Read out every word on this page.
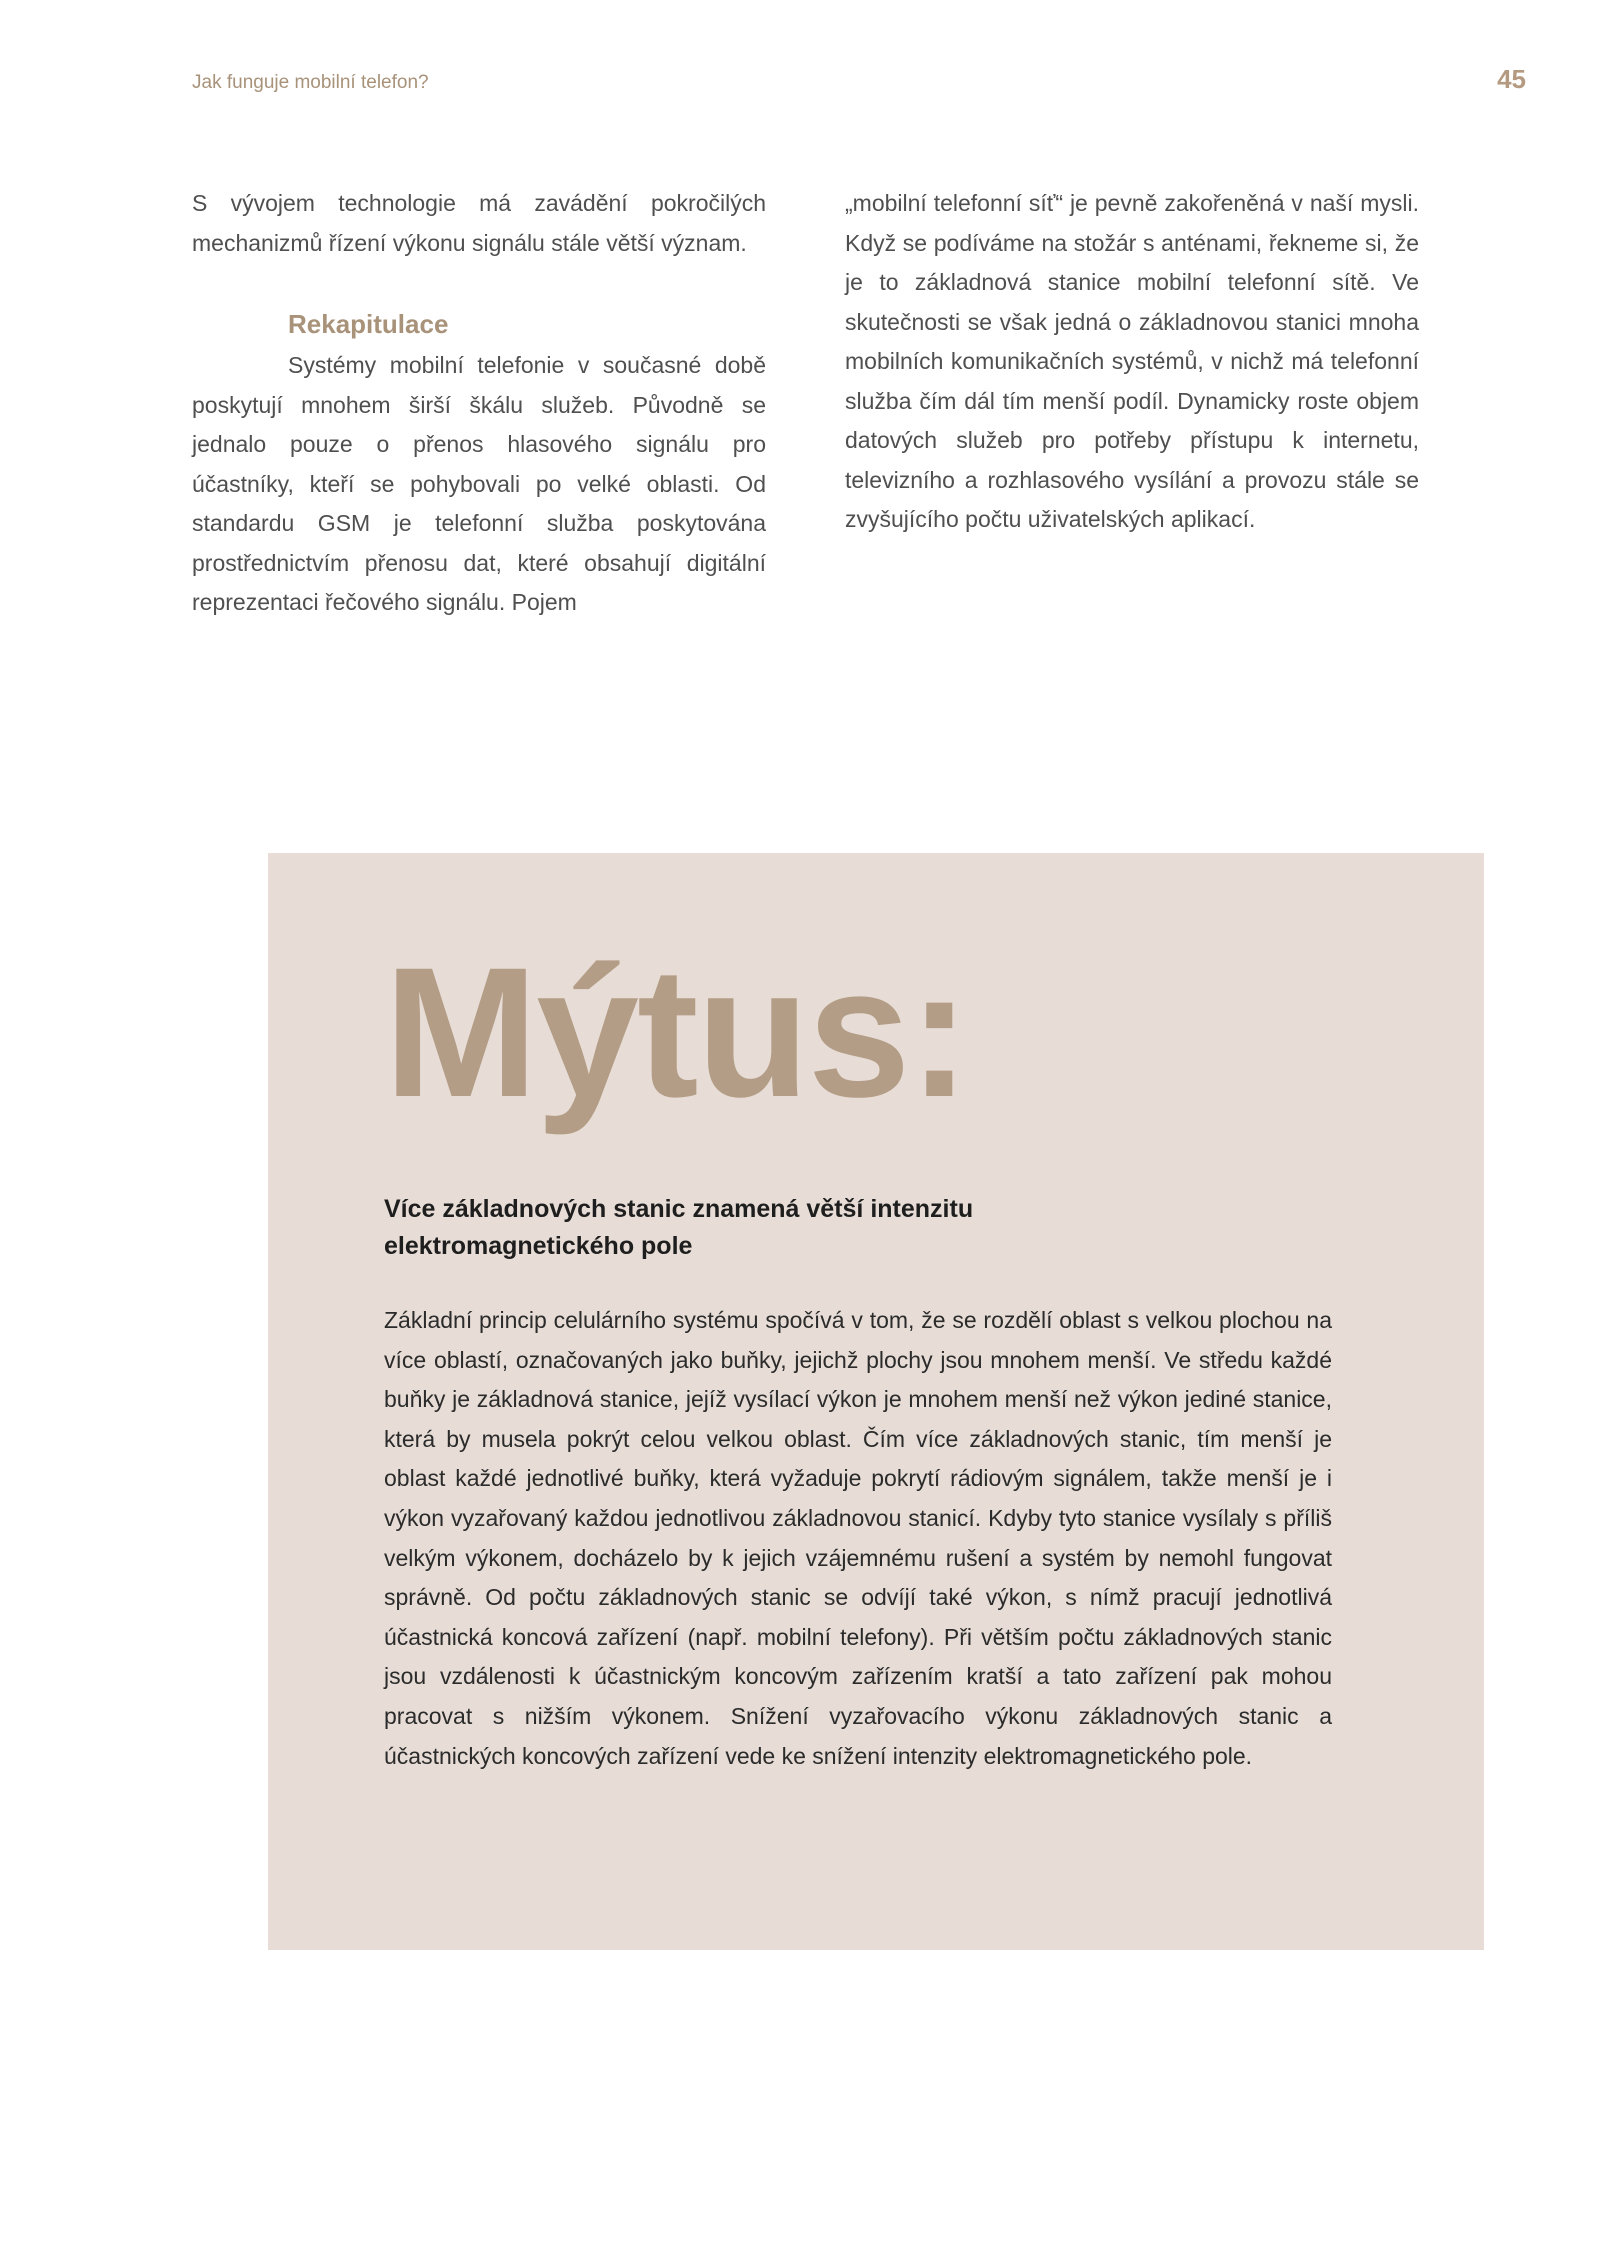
Jak funguje mobilní telefon?	45

S vývojem technologie má zavádění pokročilých mechanizmů řízení výkonu signálu stále větší význam.

Rekapitulace

Systémy mobilní telefonie v současné době poskytují mnohem širší škálu služeb. Původně se jednalo pouze o přenos hlasového signálu pro účastníky, kteří se pohybovali po velké oblasti. Od standardu GSM je telefonní služba poskytována prostřednictvím přenosu dat, které obsahují digitální reprezentaci řečového signálu. Pojem

„mobilní telefonní síť“ je pevně zakořeněná v naší mysli. Když se podíváme na stožár s anténami, řekneme si, že je to základnová stanice mobilní telefonní sítě. Ve skutečnosti se však jedná o základnovou stanici mnoha mobilních komunikačních systémů, v nichž má telefonní služba čím dál tím menší podíl. Dynamicky roste objem datových služeb pro potřeby přístupu k internetu, televizního a rozhlasového vysílání a provozu stále se zvyšujícího počtu uživatelských aplikací.

Mýtus:
Více základnových stanic znamená větší intenzitu elektromagnetického pole

Základní princip celulárního systému spočívá v tom, že se rozdělí oblast s velkou plochou na více oblastí, označovaných jako buňky, jejichž plochy jsou mnohem menší. Ve středu každé buňky je základnová stanice, jejíž vysílací výkon je mnohem menší než výkon jediné stanice, která by musela pokrýt celou velkou oblast. Čím více základnových stanic, tím menší je oblast každé jednotlivé buňky, která vyžaduje pokrytí rádiovým signálem, takže menší je i výkon vyzařovaný každou jednotlivou základnovou stanicí. Kdyby tyto stanice vysílaly s příliš velkým výkonem, docházelo by k jejich vzájemnému rušení a systém by nemohl fungovat správně. Od počtu základnových stanic se odvíjí také výkon, s nímž pracují jednotlivá účastnická koncová zařízení (např. mobilní telefony). Při větším počtu základnových stanic jsou vzdálenosti k účastnickým koncovým zařízením kratší a tato zařízení pak mohou pracovat s nižším výkonem. Snížení vyzařovacího výkonu základnových stanic a účastnických koncových zařízení vede ke snížení intenzity elektromagnetického pole.
